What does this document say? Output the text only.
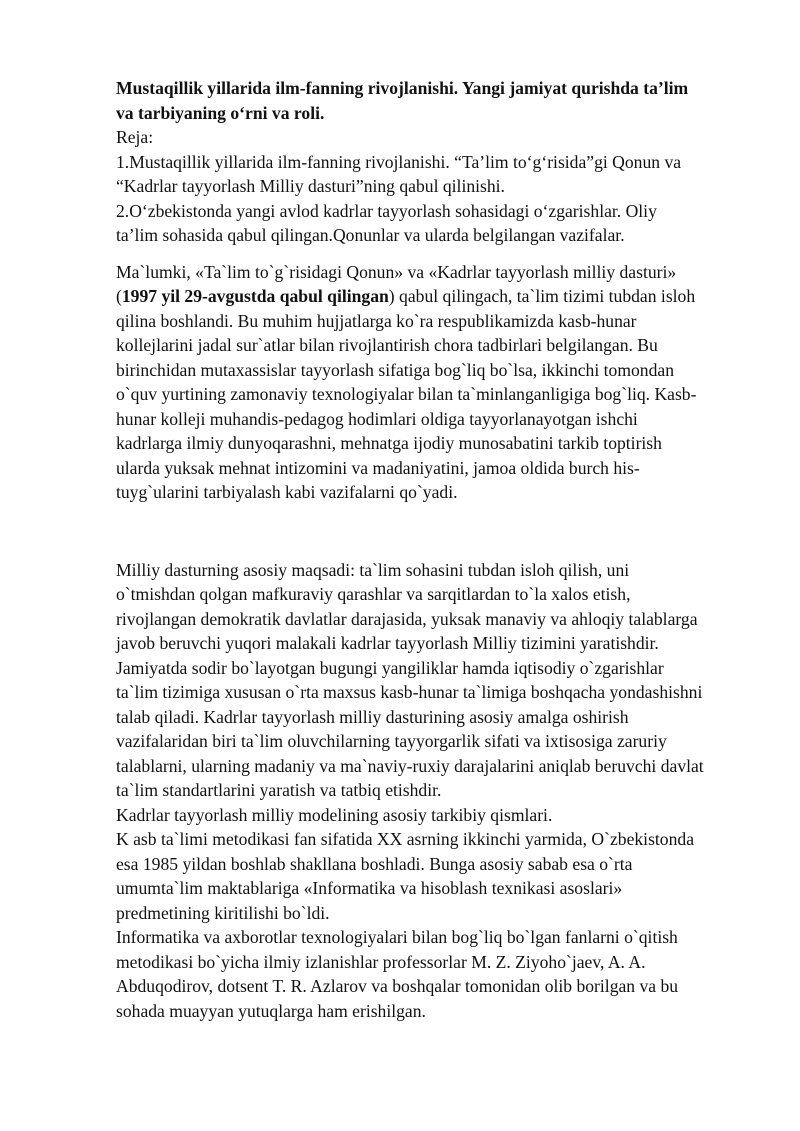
Mustaqillik yillarida ilm-fanning rivojlanishi. Yangi jamiyat qurishda ta’lim
va tarbiyaning oʻrni va roli.
Reja:
1.Mustaqillik yillarida ilm-fanning rivojlanishi. “Ta’lim toʻgʻrisida”gi Qonun va
“Kadrlar tayyorlash Milliy dasturi”ning qabul qilinishi.
2.Oʻzbekistonda yangi avlod kadrlar tayyorlash sohasidagi oʻzgarishlar. Oliy
ta’lim sohasida qabul qilingan.Qonunlar va ularda belgilangan vazifalar.
Ma`lumki, «Ta`lim to`g`risidagi Qonun» va «Kadrlar tayyorlash milliy dasturi»
(1997 yil 29-avgustda qabul qilingan) qabul qilingach, ta`lim tizimi tubdan isloh
qilina boshlandi. Bu muhim hujjatlarga ko`ra respublikamizda kasb-hunar
kollejlarini jadal sur`atlar bilan rivojlantirish chora tadbirlari belgilangan. Bu
birinchidan mutaxassislar tayyorlash sifatiga bog`liq bo`lsa, ikkinchi tomondan
o`quv yurtining zamonaviy texnologiyalar bilan ta`minlanganligiga bog`liq. Kasb-
hunar kolleji muhandis-pedagog hodimlari oldiga tayyorlanayotgan ishchi
kadrlarga ilmiy dunyoqarashni, mehnatga ijodiy munosabatini tarkib toptirish
ularda yuksak mehnat intizomini va madaniyatini, jamoa oldida burch his-
tuyg`ularini tarbiyalash kabi vazifalarni qo`yadi.
Milliy dasturning asosiy maqsadi: ta`lim sohasini tubdan isloh qilish, uni
o`tmishdan qolgan mafkuraviy qarashlar va sarqitlardan to`la xalos etish,
rivojlangan demokratik davlatlar darajasida, yuksak manaviy va ahloqiy talablarga
javob beruvchi yuqori malakali kadrlar tayyorlash Milliy tizimini yaratishdir.
Jamiyatda sodir bo`layotgan bugungi yangiliklar hamda iqtisodiy o`zgarishlar
ta`lim tizimiga xususan o`rta maxsus kasb-hunar ta`limiga boshqacha yondashishni
talab qiladi. Kadrlar tayyorlash milliy dasturining asosiy amalga oshirish
vazifalaridan biri ta`lim oluvchilarning tayyorgarlik sifati va ixtisosiga zaruriy
talablarni, ularning madaniy va ma`naviy-ruxiy darajalarini aniqlab beruvchi davlat
ta`lim standartlarini yaratish va tatbiq etishdir.
Kadrlar tayyorlash milliy modelining asosiy tarkibiy qismlari.
K asb ta`limi metodikasi fan sifatida XX asrning ikkinchi yarmida, O`zbekistonda
esa 1985 yildan boshlab shakllana boshladi. Bunga asosiy sabab esa o`rta
umumta`lim maktablariga «Informatika va hisoblash texnikasi asoslari»
predmetining kiritilishi bo`ldi.
Informatika va axborotlar texnologiyalari bilan bog`liq bo`lgan fanlarni o`qitish
metodikasi bo`yicha ilmiy izlanishlar professorlar M. Z. Ziyoho`jaev, A. A.
Abduqodirov, dotsent T. R. Azlarov va boshqalar tomonidan olib borilgan va bu
sohada muayyan yutuqlarga ham erishilgan.
